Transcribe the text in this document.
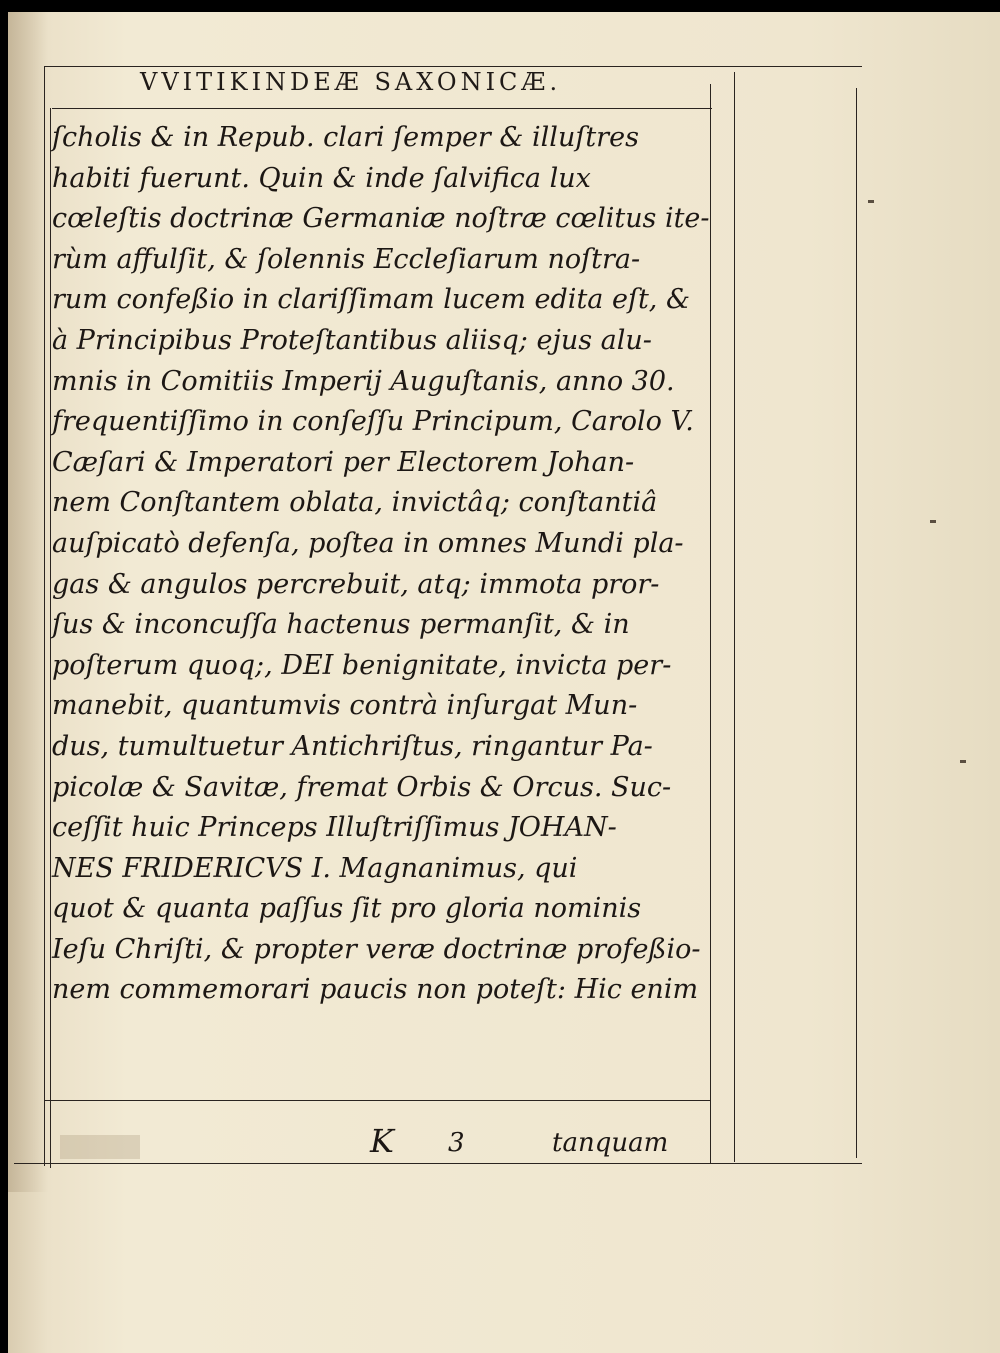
VVITIKINDEÆ SAXONICÆ.
ſcholis & in Repub. clari ſemper & illuſtres
habiti fuerunt. Quin & inde ſalvifica lux
cœleſtis doctrinæ Germaniæ noſtræ cœlitus ite-
rùm affulſit, & ſolennis Eccleſiarum noſtra-
rum confeßio in clariſſimam lucem edita eſt, &
à Principibus Proteſtantibus aliisq; ejus alu-
mnis in Comitiis Imperij Auguſtanis, anno 30.
frequentiſſimo in conſeſſu Principum, Carolo V.
Cæſari & Imperatori per Electorem Johan-
nem Conſtantem oblata, invictâq; conſtantiâ
auſpicatò defenſa, poſtea in omnes Mundi pla-
gas & angulos percrebuit, atq; immota pror-
ſus & inconcuſſa hactenus permanſit, & in
poſterum quoq;, DEI benignitate, invicta per-
manebit, quantumvis contrà inſurgat Mun-
dus, tumultuetur Antichriſtus, ringantur Pa-
picolæ & Savitæ, fremat Orbis & Orcus. Suc-
ceſſit huic Princeps Illuſtriſſimus JOHAN-
NES FRIDERICVS I. Magnanimus, qui
quot & quanta paſſus ſit pro gloria nominis
Ieſu Chriſti, & propter veræ doctrinæ profeßio-
nem commemorari paucis non poteſt: Hic enim
K 3	tanquam
